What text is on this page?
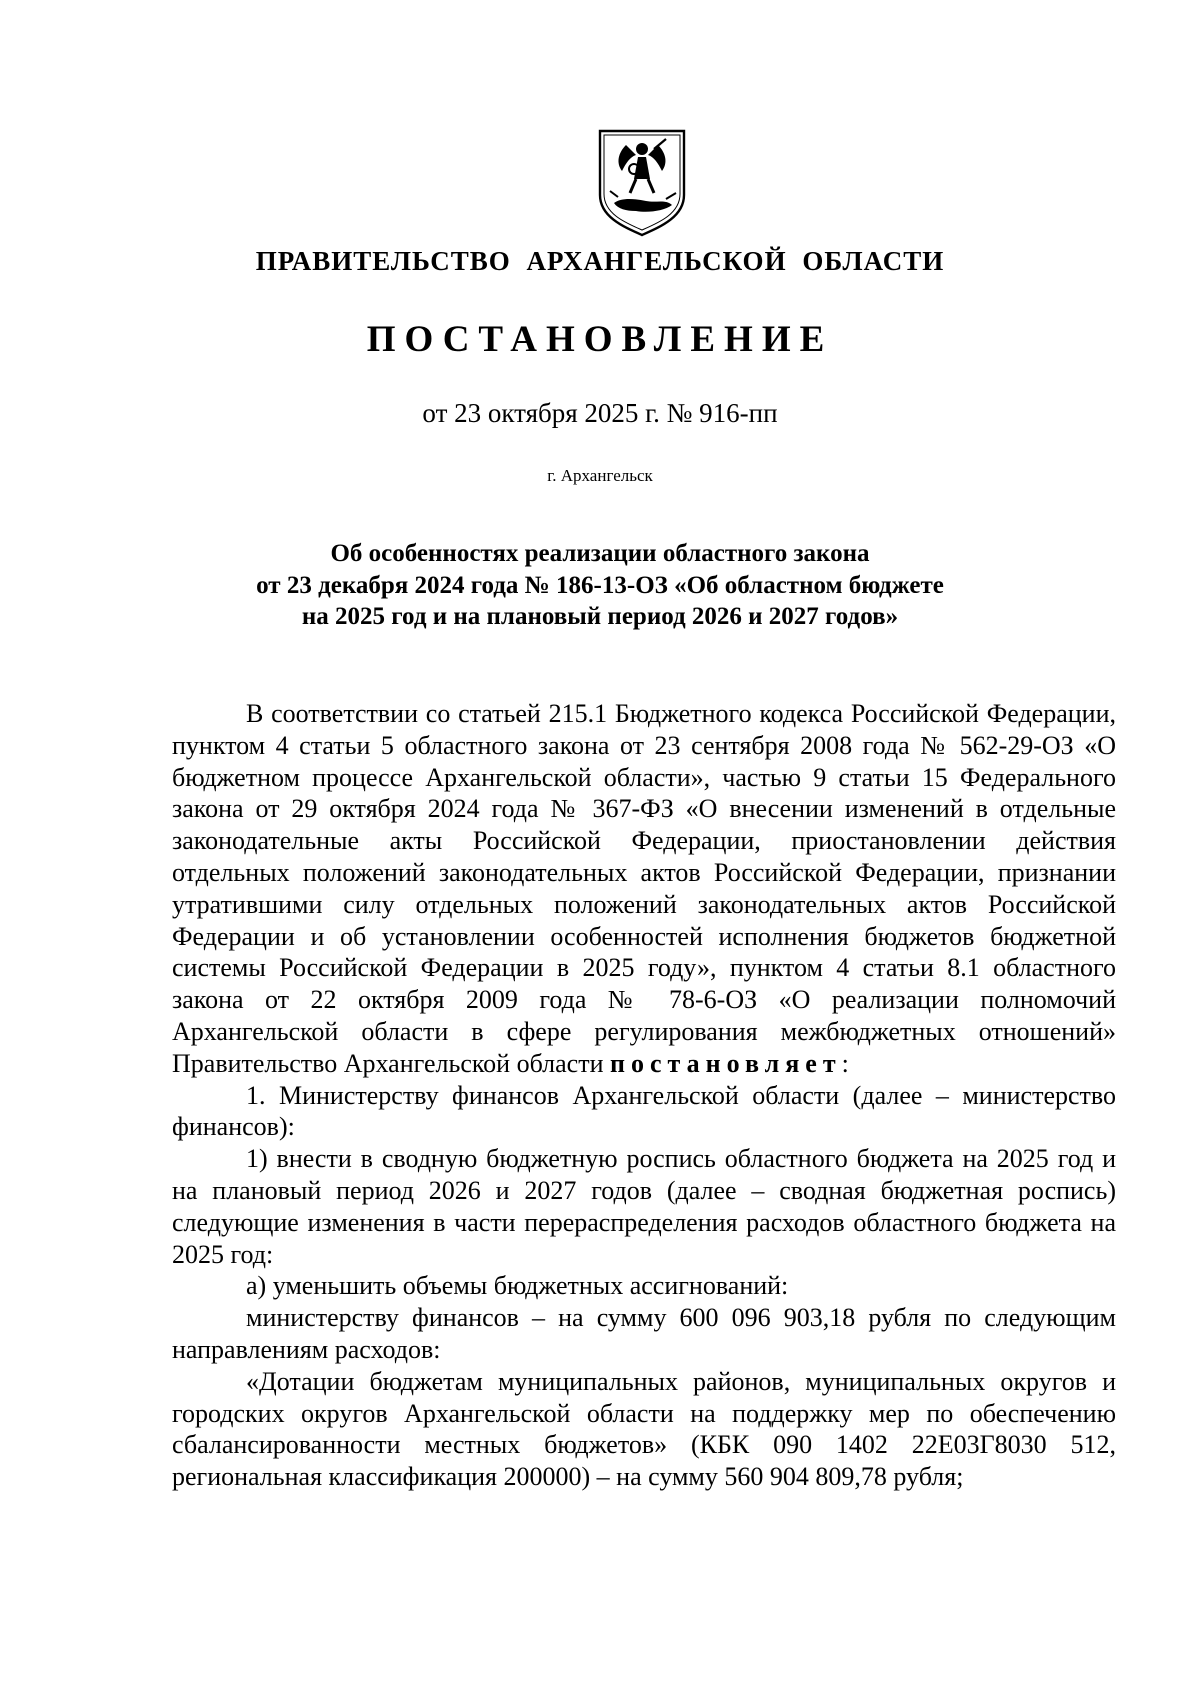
ПРАВИТЕЛЬСТВО АРХАНГЕЛЬСКОЙ ОБЛАСТИ
ПОСТАНОВЛЕНИЕ
от 23 октября 2025 г. № 916-пп
г. Архангельск
Об особенностях реализации областного закона
от 23 декабря 2024 года № 186-13-ОЗ «Об областном бюджете
на 2025 год и на плановый период 2026 и 2027 годов»

В соответствии со статьей 215.1 Бюджетного кодекса Российской Федерации, пунктом 4 статьи 5 областного закона от 23 сентября 2008 года № 562-29-ОЗ «О бюджетном процессе Архангельской области», частью 9 статьи 15 Федерального закона от 29 октября 2024 года № 367-ФЗ «О внесении изменений в отдельные законодательные акты Российской Федерации, приостановлении действия отдельных положений законодательных актов Российской Федерации, признании утратившими силу отдельных положений законодательных актов Российской Федерации и об установлении особенностей исполнения бюджетов бюджетной системы Российской Федерации в 2025 году», пунктом 4 статьи 8.1 областного закона от 22 октября 2009 года № 78-6-ОЗ «О реализации полномочий Архангельской области в сфере регулирования межбюджетных отношений» Правительство Архангельской области постановляет:

1. Министерству финансов Архангельской области (далее – министерство финансов):

1) внести в сводную бюджетную роспись областного бюджета на 2025 год и на плановый период 2026 и 2027 годов (далее – сводная бюджетная роспись) следующие изменения в части перераспределения расходов областного бюджета на 2025 год:

а) уменьшить объемы бюджетных ассигнований:

министерству финансов – на сумму 600 096 903,18 рубля по следующим направлениям расходов:

«Дотации бюджетам муниципальных районов, муниципальных округов и городских округов Архангельской области на поддержку мер по обеспечению сбалансированности местных бюджетов» (КБК 090 1402 22Е03Г8030 512, региональная классификация 200000) – на сумму 560 904 809,78 рубля;
